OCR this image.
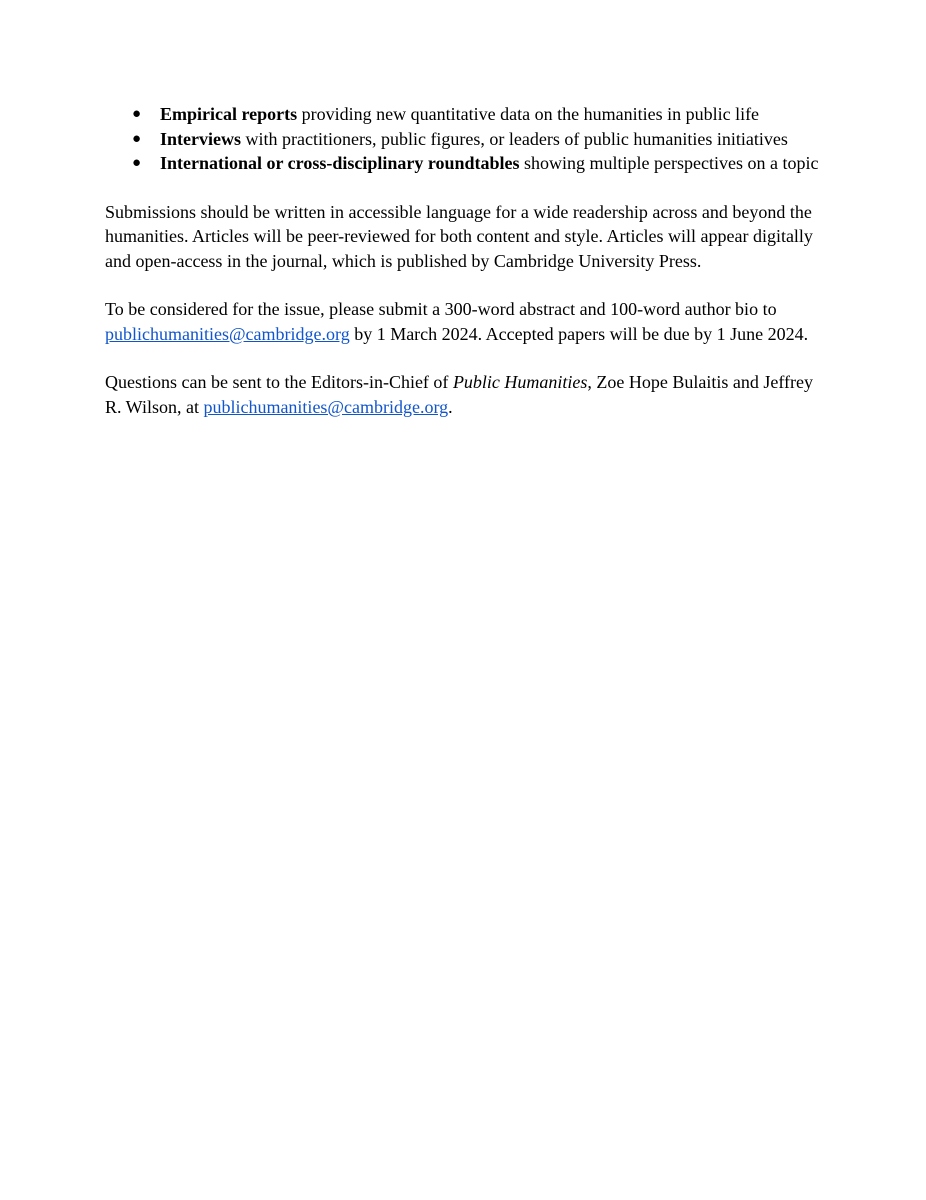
● Empirical reports providing new quantitative data on the humanities in public life
● Interviews with practitioners, public figures, or leaders of public humanities initiatives
● International or cross-disciplinary roundtables showing multiple perspectives on a topic

Submissions should be written in accessible language for a wide readership across and beyond the humanities. Articles will be peer-reviewed for both content and style. Articles will appear digitally and open-access in the journal, which is published by Cambridge University Press.

To be considered for the issue, please submit a 300-word abstract and 100-word author bio to publichumanities@cambridge.org by 1 March 2024. Accepted papers will be due by 1 June 2024.

Questions can be sent to the Editors-in-Chief of Public Humanities, Zoe Hope Bulaitis and Jeffrey R. Wilson, at publichumanities@cambridge.org.
